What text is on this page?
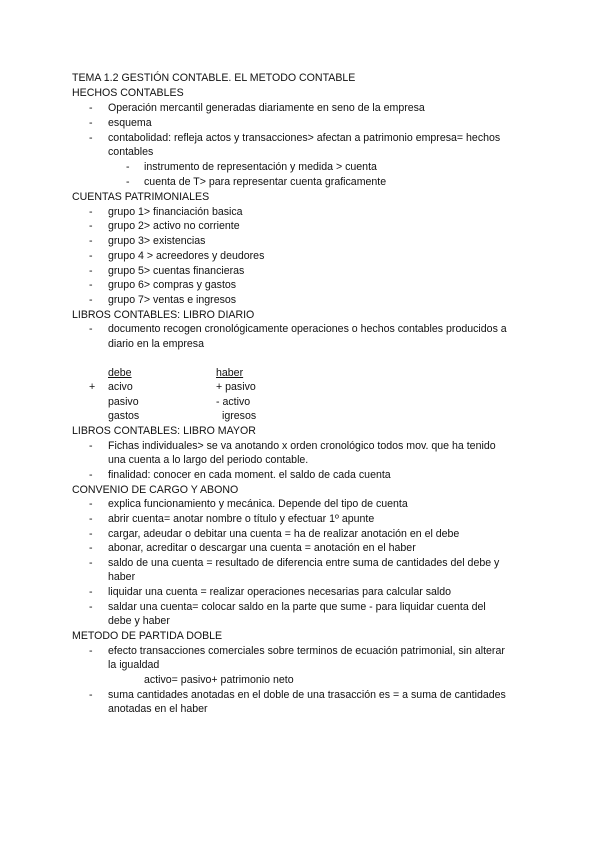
TEMA 1.2 GESTIÓN CONTABLE. EL METODO CONTABLE
HECHOS CONTABLES
- Operación mercantil generadas diariamente en seno de la empresa
- esquema
- contabolidad: refleja actos y transacciones> afectan a patrimonio empresa= hechos
contables
- instrumento de representación y medida > cuenta
- cuenta de T> para representar cuenta graficamente
CUENTAS PATRIMONIALES
- grupo 1> financiación basica
- grupo 2> activo no corriente
- grupo 3> existencias
- grupo 4 > acreedores y deudores
- grupo 5> cuentas financieras
- grupo 6> compras y gastos
- grupo 7> ventas e ingresos
LIBROS CONTABLES: LIBRO DIARIO
- documento recogen cronológicamente operaciones o hechos contables producidos a
diario en la empresa
debe	haber
+ acivo	+ pasivo
pasivo	- activo
gastos	igresos
LIBROS CONTABLES: LIBRO MAYOR
- Fichas individuales> se va anotando x orden cronológico todos mov. que ha tenido
una cuenta a lo largo del periodo contable.
- finalidad: conocer en cada moment. el saldo de cada cuenta
CONVENIO DE CARGO Y ABONO
- explica funcionamiento y mecánica. Depende del tipo de cuenta
- abrir cuenta= anotar nombre o título y efectuar 1º apunte
- cargar, adeudar o debitar una cuenta = ha de realizar anotación en el debe
- abonar, acreditar o descargar una cuenta = anotación en el haber
- saldo de una cuenta = resultado de diferencia entre suma de cantidades del debe y
haber
- liquidar una cuenta = realizar operaciones necesarias para calcular saldo
- saldar una cuenta= colocar saldo en la parte que sume - para liquidar cuenta del
debe y haber
METODO DE PARTIDA DOBLE
- efecto transacciones comerciales sobre terminos de ecuación patrimonial, sin alterar
la igualdad
activo= pasivo+ patrimonio neto
- suma cantidades anotadas en el doble de una trasacción es = a suma de cantidades
anotadas en el haber
